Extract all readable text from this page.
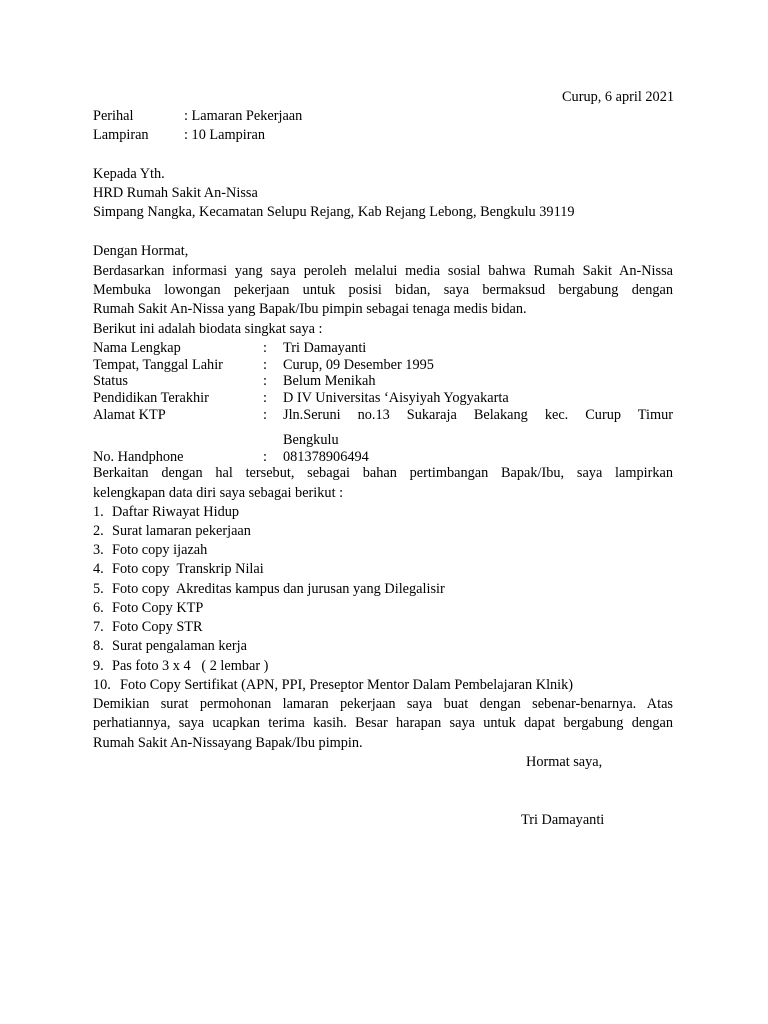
Curup, 6 april 2021
Perihal	: Lamaran Pekerjaan
Lampiran : 10 Lampiran
Kepada Yth.
HRD Rumah Sakit An-Nissa
Simpang Nangka, Kecamatan Selupu Rejang, Kab Rejang Lebong, Bengkulu 39119
Dengan Hormat,
Berdasarkan informasi yang saya peroleh melalui media sosial bahwa Rumah Sakit An-Nissa
Membuka lowongan pekerjaan untuk posisi bidan, saya bermaksud bergabung dengan
Rumah Sakit An-Nissa yang Bapak/Ibu pimpin sebagai tenaga medis bidan.
Berikut ini adalah biodata singkat saya :
Nama Lengkap	: Tri Damayanti
Tempat, Tanggal Lahir	: Curup, 09 Desember 1995
Status	: Belum Menikah
Pendidikan Terakhir	: D IV Universitas ‘Aisyiyah Yogyakarta
Alamat KTP	: Jln.Seruni no.13 Sukaraja Belakang kec. Curup Timur
Bengkulu
No. Handphone	: 081378906494
Berkaitan dengan hal tersebut, sebagai bahan pertimbangan Bapak/Ibu, saya lampirkan
kelengkapan data diri saya sebagai berikut :
1. Daftar Riwayat Hidup
2. Surat lamaran pekerjaan
3. Foto copy ijazah
4. Foto copy  Transkrip Nilai
5. Foto copy  Akreditas kampus dan jurusan yang Dilegalisir
6. Foto Copy KTP
7. Foto Copy STR
8. Surat pengalaman kerja
9. Pas foto 3 x 4   ( 2 lembar )
10. Foto Copy Sertifikat (APN, PPI, Preseptor Mentor Dalam Pembelajaran Klnik)
Demikian surat permohonan lamaran pekerjaan saya buat dengan sebenar-benarnya. Atas
perhatiannya, saya ucapkan terima kasih. Besar harapan saya untuk dapat bergabung dengan
Rumah Sakit An-Nissayang Bapak/Ibu pimpin.
Hormat saya,
Tri Damayanti
